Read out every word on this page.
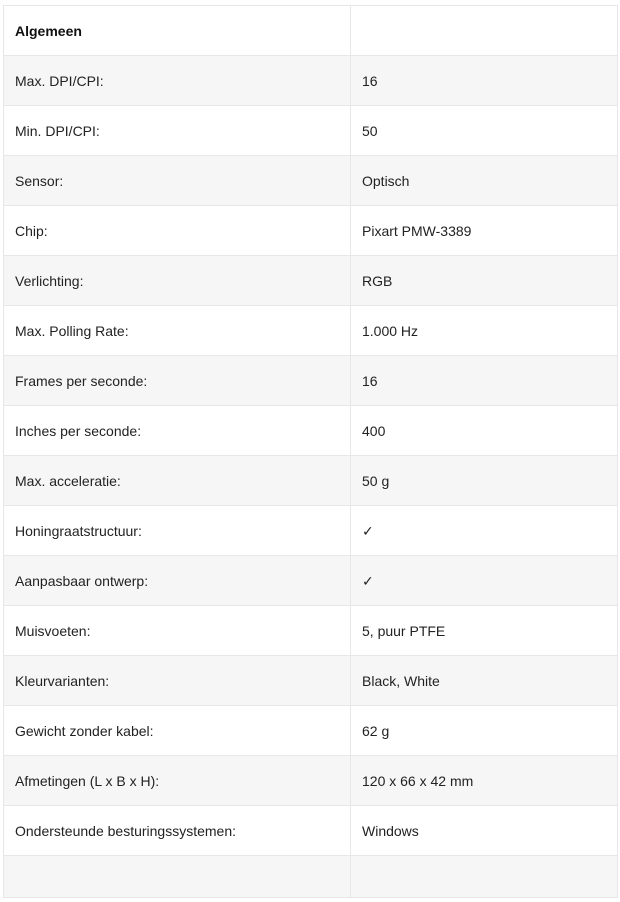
Algemeen	
Max. DPI/CPI:	16
Min. DPI/CPI:	50
Sensor:	Optisch
Chip:	Pixart PMW-3389
Verlichting:	RGB
Max. Polling Rate:	1.000 Hz
Frames per seconde:	16
Inches per seconde:	400
Max. acceleratie:	50 g
Honingraatstructuur:	✓
Aanpasbaar ontwerp:	✓
Muisvoeten:	5, puur PTFE
Kleurvarianten:	Black, White
Gewicht zonder kabel:	62 g
Afmetingen (L x B x H):	120 x 66 x 42 mm
Ondersteunde besturingssystemen:	Windows
